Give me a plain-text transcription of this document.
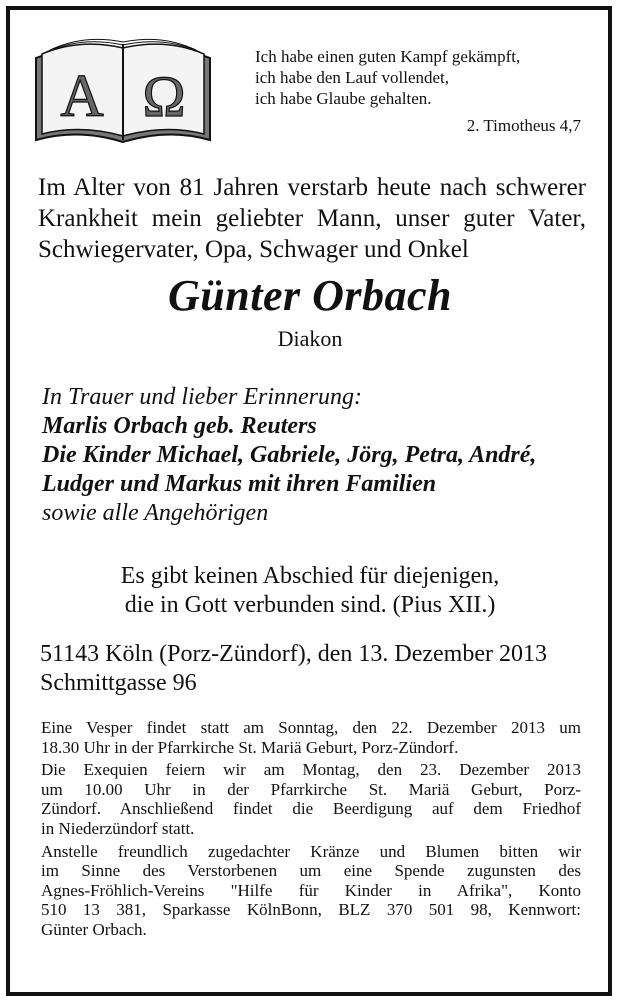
A Ω
Ich habe einen guten Kampf gekämpft,
ich habe den Lauf vollendet,
ich habe Glaube gehalten.
2. Timotheus 4,7
Im Alter von 81 Jahren verstarb heute nach schwerer
Krankheit mein geliebter Mann, unser guter Vater,
Schwiegervater, Opa, Schwager und Onkel
Günter Orbach
Diakon
In Trauer und lieber Erinnerung:
Marlis Orbach geb. Reuters
Die Kinder Michael, Gabriele, Jörg, Petra, André,
Ludger und Markus mit ihren Familien
sowie alle Angehörigen
Es gibt keinen Abschied für diejenigen,
die in Gott verbunden sind. (Pius XII.)
51143 Köln (Porz-Zündorf), den 13. Dezember 2013
Schmittgasse 96

Eine Vesper findet statt am Sonntag, den 22. Dezember 2013 um
18.30 Uhr in der Pfarrkirche St. Mariä Geburt, Porz-Zündorf.

Die Exequien feiern wir am Montag, den 23. Dezember 2013
um 10.00 Uhr in der Pfarrkirche St. Mariä Geburt, Porz-
Zündorf. Anschließend findet die Beerdigung auf dem Friedhof
in Niederzündorf statt.

Anstelle freundlich zugedachter Kränze und Blumen bitten wir
im Sinne des Verstorbenen um eine Spende zugunsten des
Agnes-Fröhlich-Vereins "Hilfe für Kinder in Afrika", Konto
510 13 381, Sparkasse KölnBonn, BLZ 370 501 98, Kennwort:
Günter Orbach.
